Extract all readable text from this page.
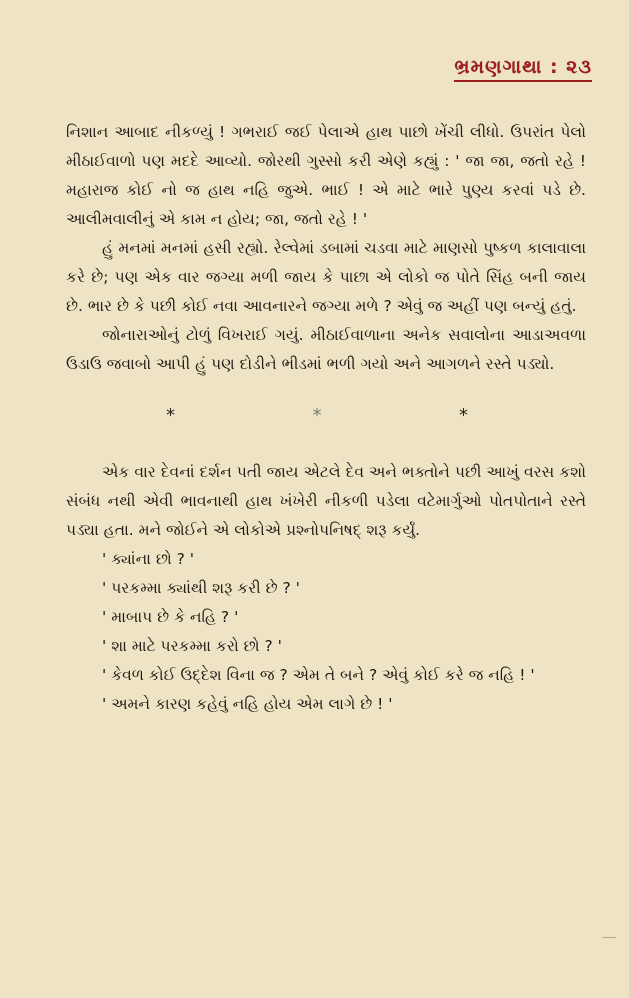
ભ્રમણગાથા : ૨૩

નિશાન આબાદ નીકળ્યું ! ગભરાઈ જઈ પેલાએ હાથ પાછો ખેંચી લીધો. ઉપરાંત પેલો મીઠાઈવાળો પણ મદદે આવ્યો. જોરથી ગુસ્સો કરી એણે કહ્યું : ' જા જા, જતો રહે ! મહારાજ કોઈ નો જ હાથ નહિ જુએ. ભાઈ ! એ માટે ભારે પુણ્ય કરવાં પડે છે. આલીમવાલીનું એ કામ ન હોય; જા, જતો રહે ! '

હું મનમાં મનમાં હસી રહ્યો. રેલ્વેમાં ડબામાં ચડવા માટે માણસો પુષ્કળ કાલાવાલા કરે છે; પણ એક વાર જગ્યા મળી જાય કે પાછા એ લોકો જ પોતે સિંહ બની જાય છે. ભાર છે કે પછી કોઈ નવા આવનારને જગ્યા મળે ? એવું જ અહીં પણ બન્યું હતું.

જોનારાઓનું ટોળું વિખરાઈ ગયું. મીઠાઈવાળાના અનેક સવાલોના આડાઅવળા ઉડાઉ જવાબો આપી હું પણ દોડીને ભીડમાં ભળી ગયો અને આગળને રસ્તે પડ્યો.

*	*	*

એક વાર દેવનાં દર્શન પતી જાય એટલે દેવ અને ભક્તોને પછી આખું વરસ કશો સંબંધ નથી એવી ભાવનાથી હાથ ખંખેરી નીકળી પડેલા વટેમાર્ગુઓ પોતપોતાને રસ્તે પડ્યા હતા. મને જોઈને એ લોકોએ પ્રશ્નોપનિષદ્ શરૂ કર્યું.

' ક્યાંના છો ? '

' પરકમ્મા ક્યાંથી શરૂ કરી છે ? '

' માબાપ છે કે નહિ ? '

' શા માટે પરકમ્મા કરો છો ? '

' કેવળ કોઈ ઉદ્દેશ વિના જ ? એમ તે બને ? એવું કોઈ કરે જ નહિ ! '

' અમને કારણ કહેવું નહિ હોય એમ લાગે છે ! '
